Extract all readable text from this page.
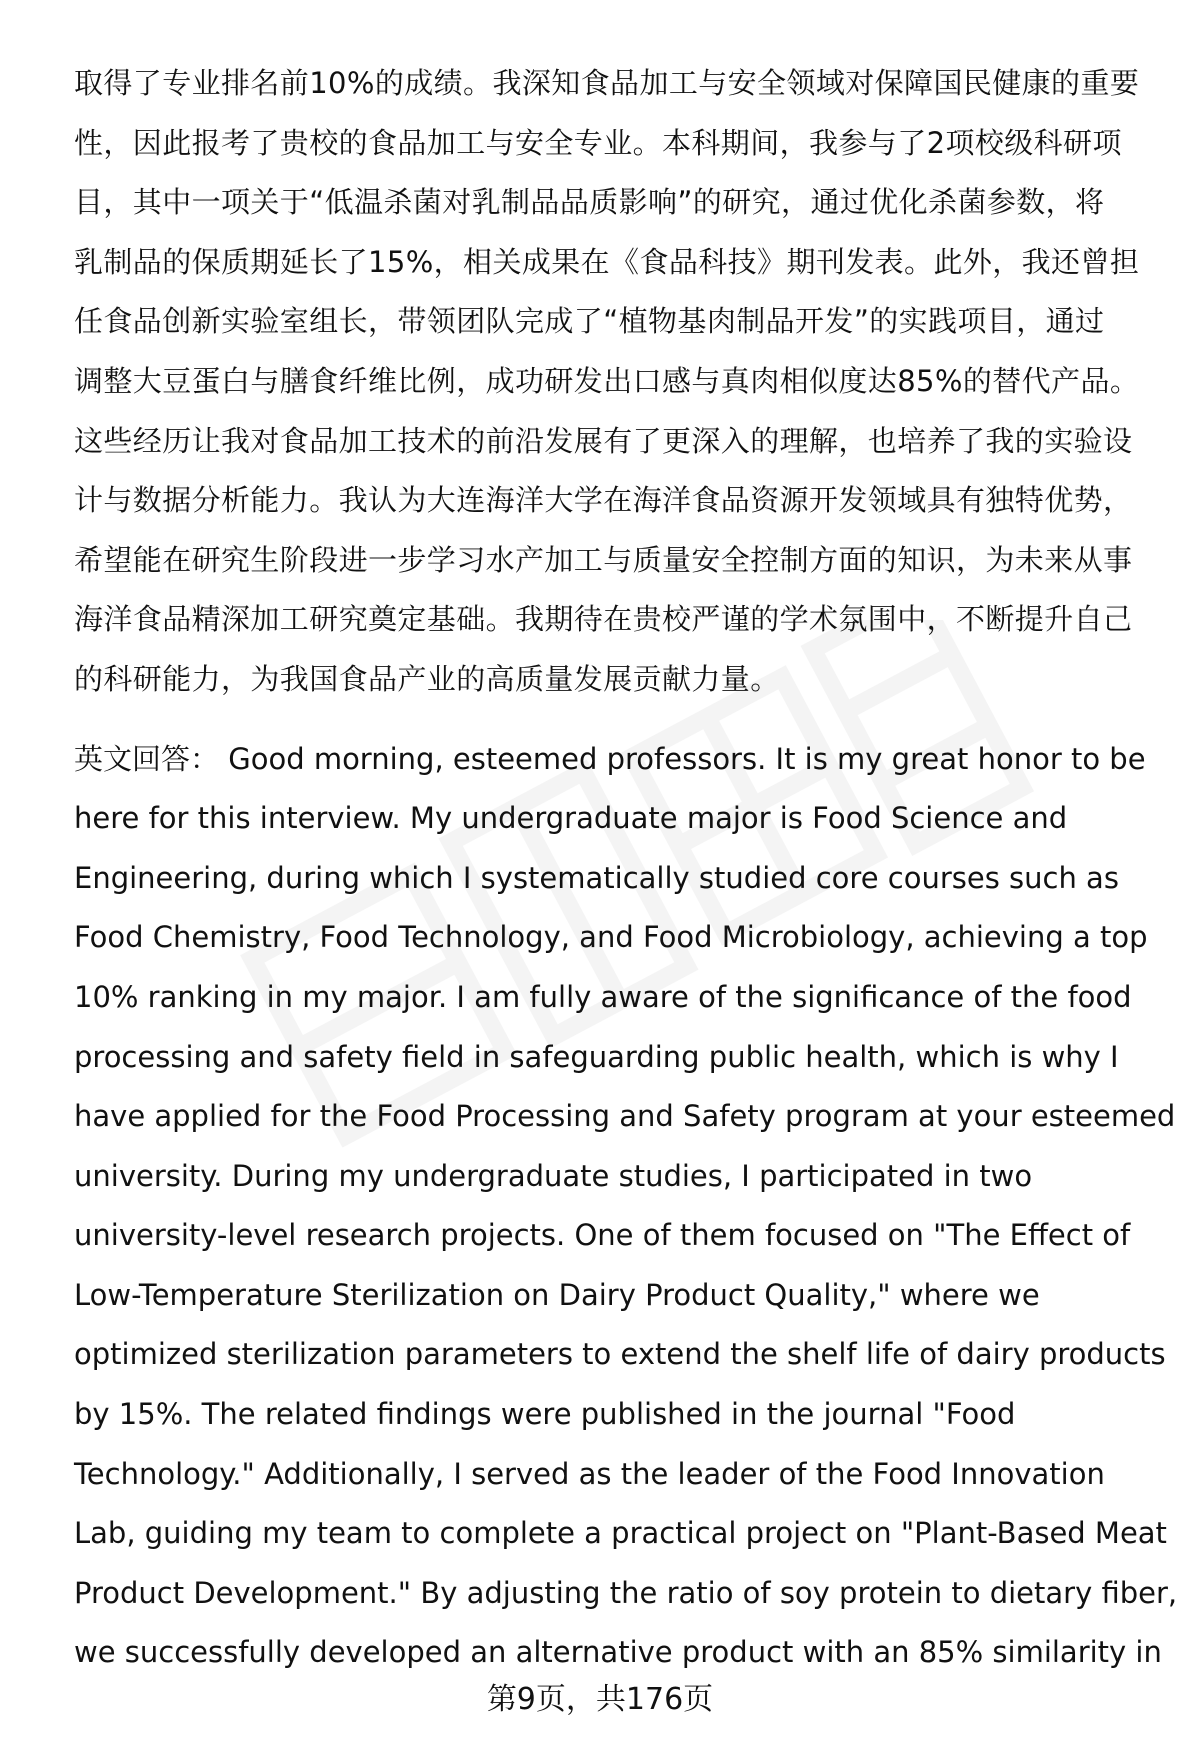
取得了专业排名前10%的成绩。我深知食品加工与安全领域对保障国民健康的重要
性，因此报考了贵校的食品加工与安全专业。本科期间，我参与了2项校级科研项
目，其中一项关于“低温杀菌对乳制品品质影响”的研究，通过优化杀菌参数，将
乳制品的保质期延长了15%，相关成果在《食品科技》期刊发表。此外，我还曾担
任食品创新实验室组长，带领团队完成了“植物基肉制品开发”的实践项目，通过
调整大豆蛋白与膳食纤维比例，成功研发出口感与真肉相似度达85%的替代产品。
这些经历让我对食品加工技术的前沿发展有了更深入的理解，也培养了我的实验设
计与数据分析能力。我认为大连海洋大学在海洋食品资源开发领域具有独特优势，
希望能在研究生阶段进一步学习水产加工与质量安全控制方面的知识，为未来从事
海洋食品精深加工研究奠定基础。我期待在贵校严谨的学术氛围中，不断提升自己
的科研能力，为我国食品产业的高质量发展贡献力量。

英文回答： Good morning, esteemed professors. It is my great honor to be
here for this interview. My undergraduate major is Food Science and
Engineering, during which I systematically studied core courses such as
Food Chemistry, Food Technology, and Food Microbiology, achieving a top
10% ranking in my major. I am fully aware of the significance of the food
processing and safety field in safeguarding public health, which is why I
have applied for the Food Processing and Safety program at your esteemed
university. During my undergraduate studies, I participated in two
university-level research projects. One of them focused on "The Effect of
Low-Temperature Sterilization on Dairy Product Quality," where we
optimized sterilization parameters to extend the shelf life of dairy products
by 15%. The related findings were published in the journal "Food
Technology." Additionally, I served as the leader of the Food Innovation
Lab, guiding my team to complete a practical project on "Plant-Based Meat
Product Development." By adjusting the ratio of soy protein to dietary fiber,
we successfully developed an alternative product with an 85% similarity in

第9页，共176页
